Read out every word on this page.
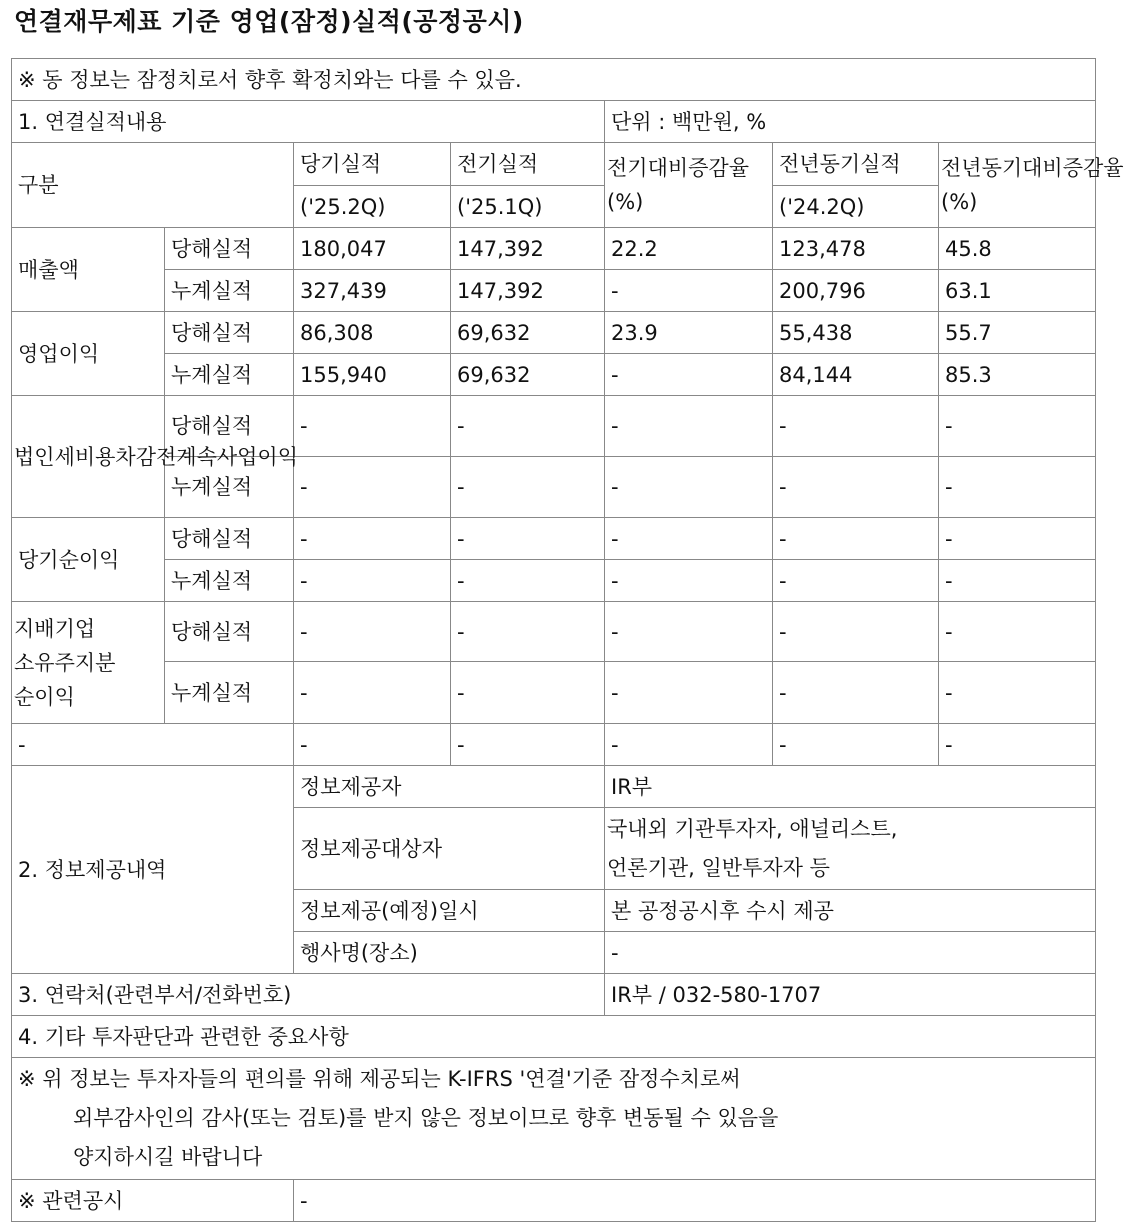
연결재무제표 기준 영업(잠정)실적(공정공시)
※ 동 정보는 잠정치로서 향후 확정치와는 다를 수 있음.						
1. 연결실적내용				단위 : 백만원, %		
구분		당기실적	전기실적	전기대비증감율(%)	전년동기실적	전년동기대비증감율(%)
		('25.2Q)	('25.1Q)		('24.2Q)	
매출액	당해실적	180,047	147,392	22.2	123,478	45.8
	누계실적	327,439	147,392	-	200,796	63.1
영업이익	당해실적	86,308	69,632	23.9	55,438	55.7
	누계실적	155,940	69,632	-	84,144	85.3
법인세비용차감전계속사업이익	당해실적	-	-	-	-	-
	누계실적	-	-	-	-	-
당기순이익	당해실적	-	-	-	-	-
	누계실적	-	-	-	-	-
지배기업 소유주지분 순이익	당해실적	-	-	-	-	-
	누계실적	-	-	-	-	-
-		-	-	-	-	-
2. 정보제공내역		정보제공자		IR부		
		정보제공대상자		국내외 기관투자자, 애널리스트,
언론기관, 일반투자자 등		

		정보제공(예정)일시		본 공정공시후 수시 제공		
		행사명(장소)		-		
3. 연락처(관련부서/전화번호)				IR부 / 032-580-1707		
4. 기타 투자판단과 관련한 중요사항						

※ 위 정보는 투자자들의 편의를 위해 제공되는 K-IFRS '연결'기준 잠정수치로써
외부감사인의 감사(또는 검토)를 받지 않은 정보이므로 향후 변동될 수 있음을
양지하시길 바랍니다						

※ 관련공시		-				
